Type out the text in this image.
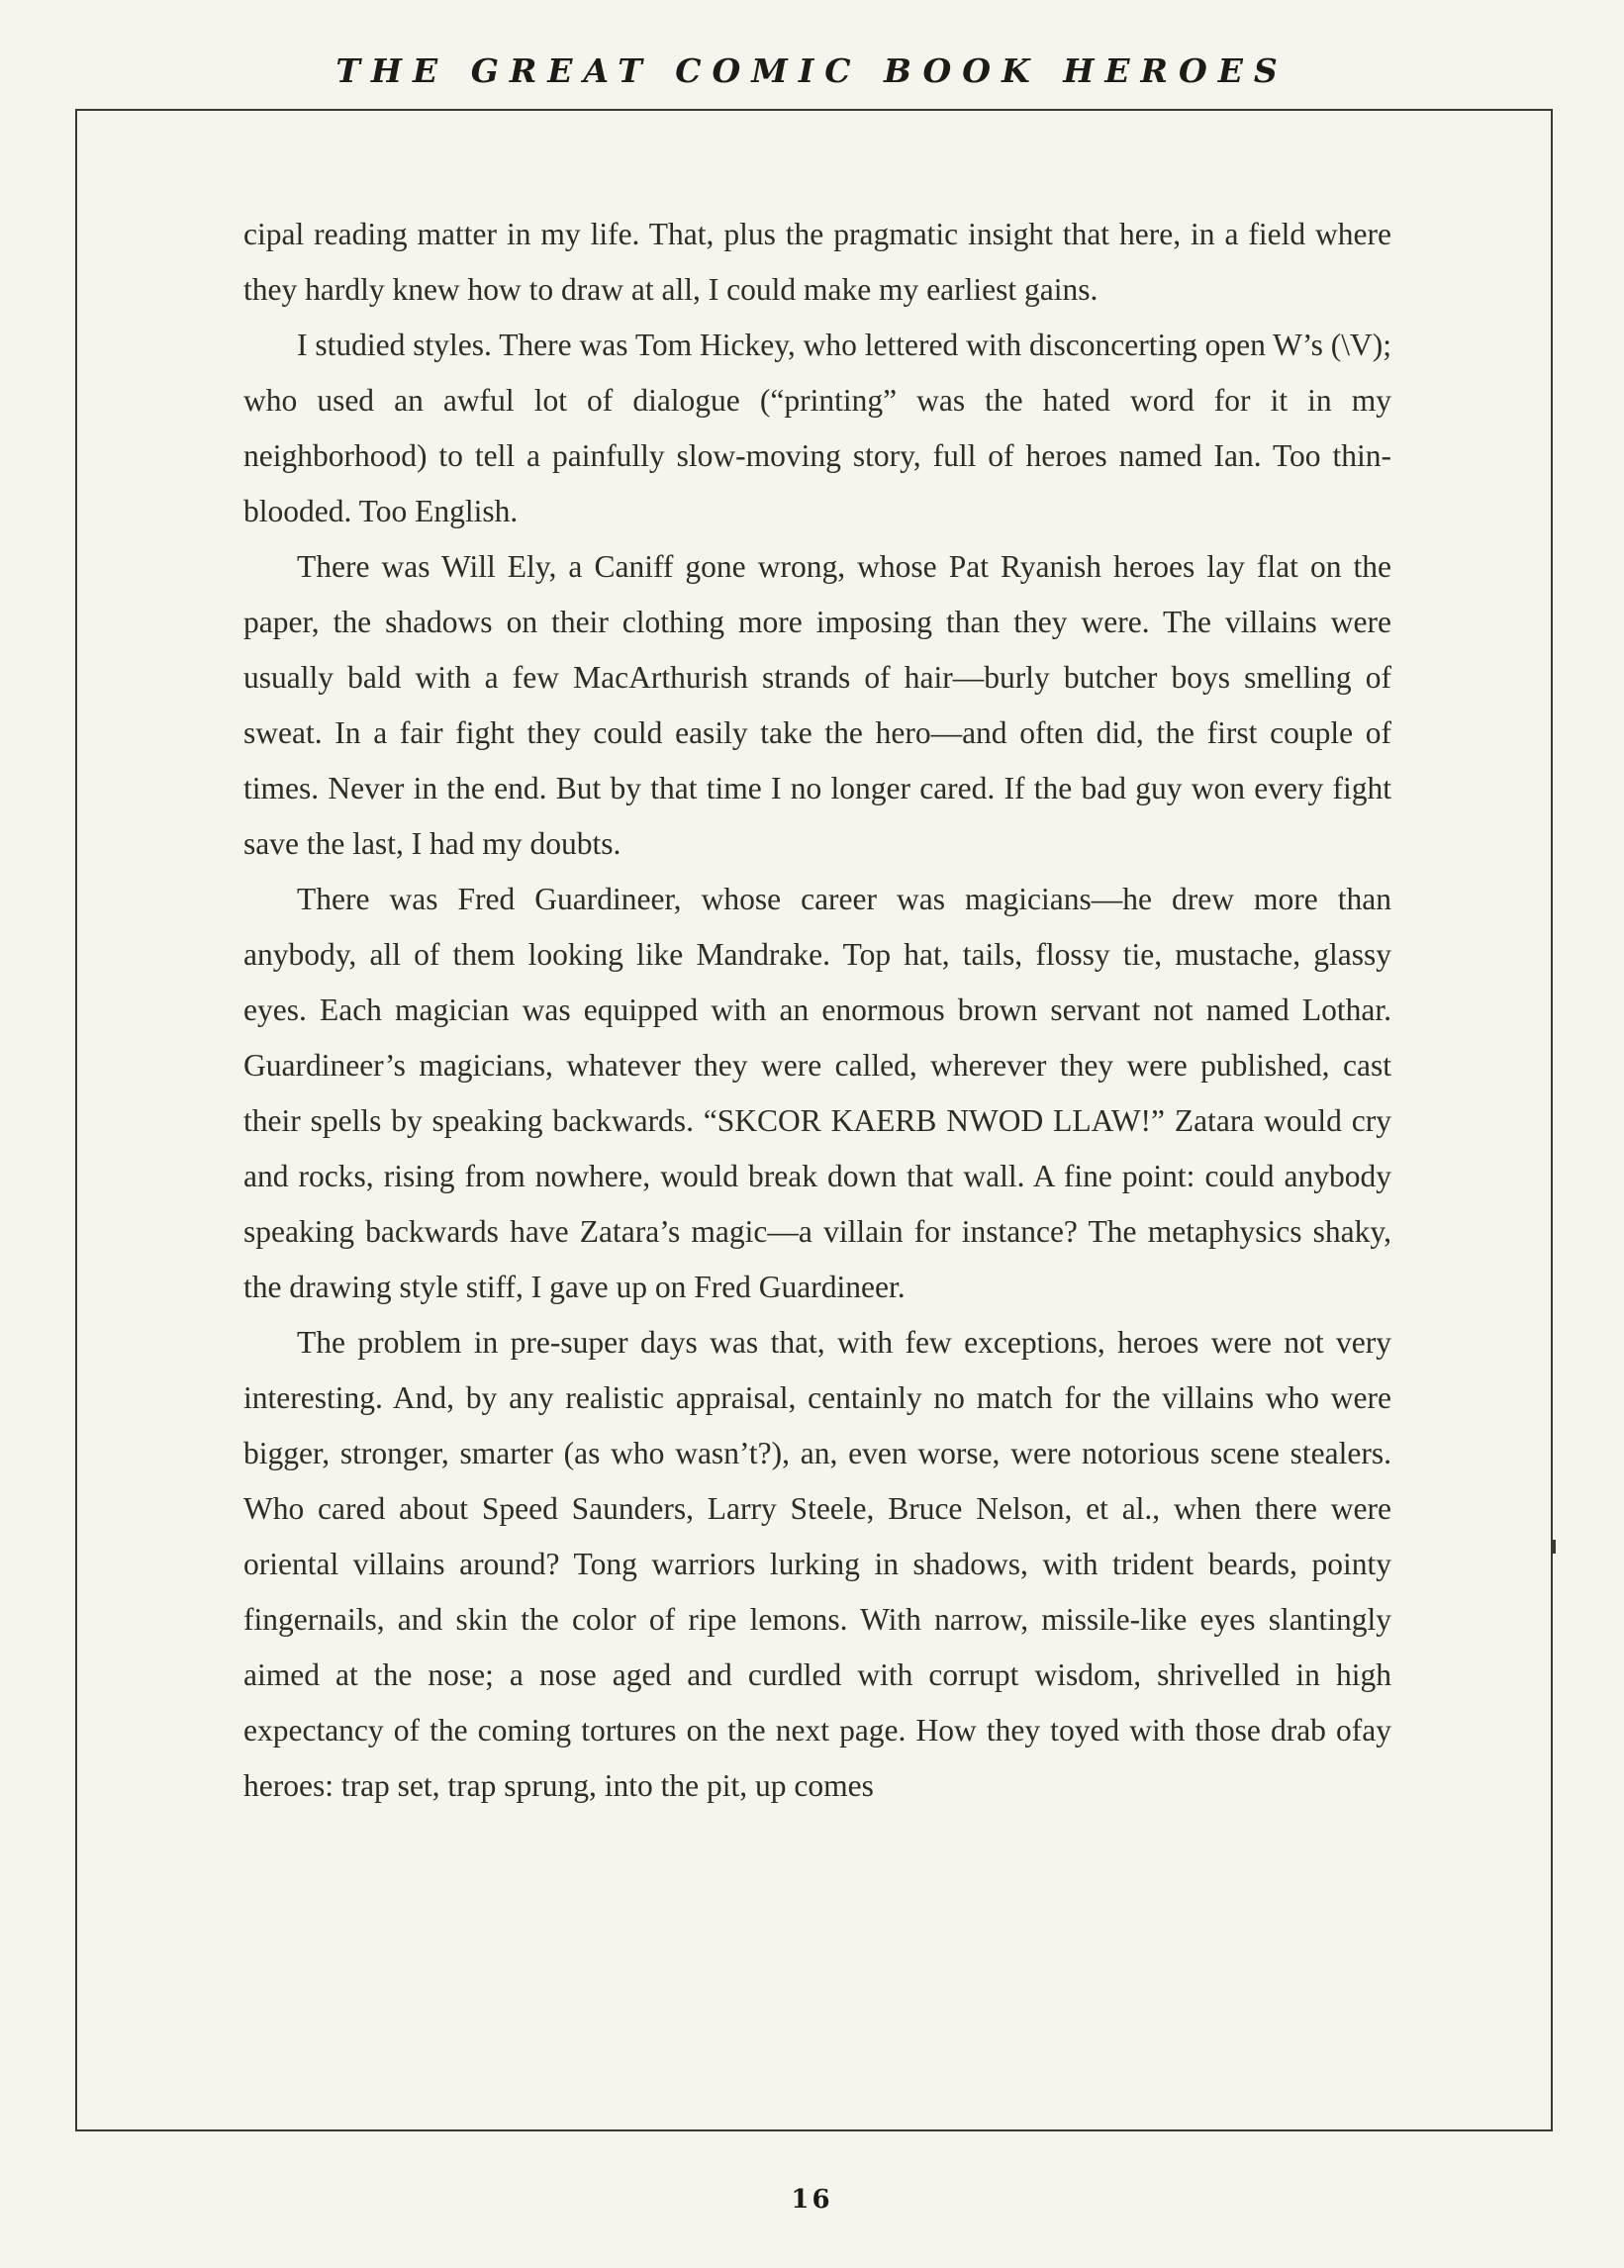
THE GREAT COMIC BOOK HEROES

cipal reading matter in my life. That, plus the pragmatic insight that here, in a field where they hardly knew how to draw at all, I could make my earliest gains.

I studied styles. There was Tom Hickey, who lettered with disconcerting open W’s (\V); who used an awful lot of dialogue (“printing” was the hated word for it in my neighborhood) to tell a painfully slow-moving story, full of heroes named Ian. Too thin-blooded. Too English.

There was Will Ely, a Caniff gone wrong, whose Pat Ryanish heroes lay flat on the paper, the shadows on their clothing more imposing than they were. The villains were usually bald with a few MacArthurish strands of hair—burly butcher boys smelling of sweat. In a fair fight they could easily take the hero—and often did, the first couple of times. Never in the end. But by that time I no longer cared. If the bad guy won every fight save the last, I had my doubts.

There was Fred Guardineer, whose career was magicians—he drew more than anybody, all of them looking like Mandrake. Top hat, tails, flossy tie, mustache, glassy eyes. Each magician was equipped with an enormous brown servant not named Lothar. Guardineer’s magicians, whatever they were called, wherever they were published, cast their spells by speaking backwards. “SKCOR KAERB NWOD LLAW!” Zatara would cry and rocks, rising from nowhere, would break down that wall. A fine point: could anybody speaking backwards have Zatara’s magic—a villain for instance? The metaphysics shaky, the drawing style stiff, I gave up on Fred Guardineer.

The problem in pre-super days was that, with few exceptions, heroes were not very interesting. And, by any realistic appraisal, centainly no match for the villains who were bigger, stronger, smarter (as who wasn’t?), an, even worse, were notorious scene stealers. Who cared about Speed Saunders, Larry Steele, Bruce Nelson, et al., when there were oriental villains around? Tong warriors lurking in shadows, with trident beards, pointy fingernails, and skin the color of ripe lemons. With narrow, missile-like eyes slantingly aimed at the nose; a nose aged and curdled with corrupt wisdom, shrivelled in high expectancy of the coming tortures on the next page. How they toyed with those drab ofay heroes: trap set, trap sprung, into the pit, up comes

16
